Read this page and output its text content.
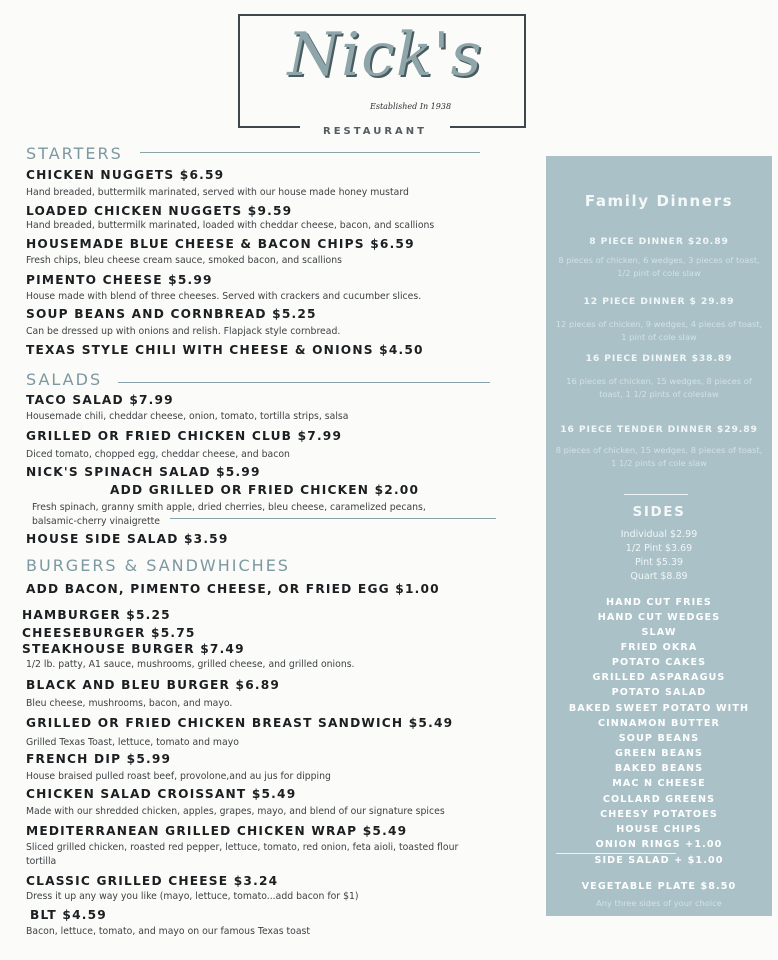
Nick's
Established In 1938
RESTAURANT
STARTERS
CHICKEN NUGGETS $6.59
Hand breaded, buttermilk marinated, served with our house made honey mustard
LOADED CHICKEN NUGGETS $9.59
Hand breaded, buttermilk marinated, loaded with cheddar cheese, bacon, and scallions
HOUSEMADE BLUE CHEESE & BACON CHIPS $6.59
Fresh chips, bleu cheese cream sauce, smoked bacon, and scallions
PIMENTO CHEESE $5.99
House made with blend of three cheeses. Served with crackers and cucumber slices.
SOUP BEANS AND CORNBREAD $5.25
Can be dressed up with onions and relish. Flapjack style cornbread.
TEXAS STYLE CHILI WITH CHEESE & ONIONS $4.50
SALADS
TACO SALAD $7.99
Housemade chili, cheddar cheese, onion, tomato, tortilla strips, salsa
GRILLED OR FRIED CHICKEN CLUB $7.99
Diced tomato, chopped egg, cheddar cheese, and bacon
NICK'S SPINACH SALAD $5.99
ADD GRILLED OR FRIED CHICKEN $2.00
Fresh spinach, granny smith apple, dried cherries, bleu cheese, caramelized pecans,
balsamic-cherry vinaigrette
HOUSE SIDE SALAD $3.59
BURGERS & SANDWHICHES
ADD BACON, PIMENTO CHEESE, OR FRIED EGG $1.00
HAMBURGER $5.25
CHEESEBURGER $5.75
STEAKHOUSE BURGER $7.49
1/2 lb. patty, A1 sauce, mushrooms, grilled cheese, and grilled onions.
BLACK AND BLEU BURGER $6.89
Bleu cheese, mushrooms, bacon, and mayo.
GRILLED OR FRIED CHICKEN BREAST SANDWICH $5.49
Grilled Texas Toast, lettuce, tomato and mayo
FRENCH DIP $5.99
House braised pulled roast beef, provolone,and au jus for dipping
CHICKEN SALAD CROISSANT $5.49
Made with our shredded chicken, apples, grapes, mayo, and blend of our signature spices
MEDITERRANEAN GRILLED CHICKEN WRAP $5.49
Sliced grilled chicken, roasted red pepper, lettuce, tomato, red onion, feta aioli, toasted flour
tortilla
CLASSIC GRILLED CHEESE $3.24
Dress it up any way you like (mayo, lettuce, tomato...add bacon for $1)
BLT $4.59
Bacon, lettuce, tomato, and mayo on our famous Texas toast
Family Dinners
8 PIECE DINNER $20.89
8 pieces of chicken, 6 wedges, 3 pieces of toast, 1/2 pint of cole slaw
12 PIECE DINNER $ 29.89
12 pieces of chicken, 9 wedges, 4 pieces of toast, 1 pint of cole slaw
16 PIECE DINNER $38.89
16 pieces of chicken, 15 wedges, 8 pieces of toast, 1 1/2 pints of coleslaw
16 PIECE TENDER DINNER $29.89
8 pieces of chicken, 15 wedges, 8 pieces of toast, 1 1/2 pints of cole slaw
SIDES
Individual $2.99
1/2 Pint $3.69
Pint $5.39
Quart $8.89
HAND CUT FRIES
HAND CUT WEDGES
SLAW
FRIED OKRA
POTATO CAKES
GRILLED ASPARAGUS
POTATO SALAD
BAKED SWEET POTATO WITH
CINNAMON BUTTER
SOUP BEANS
GREEN BEANS
BAKED BEANS
MAC N CHEESE
COLLARD GREENS
CHEESY POTATOES
HOUSE CHIPS
ONION RINGS +1.00
SIDE SALAD + $1.00
VEGETABLE PLATE $8.50
Any three sides of your choice
